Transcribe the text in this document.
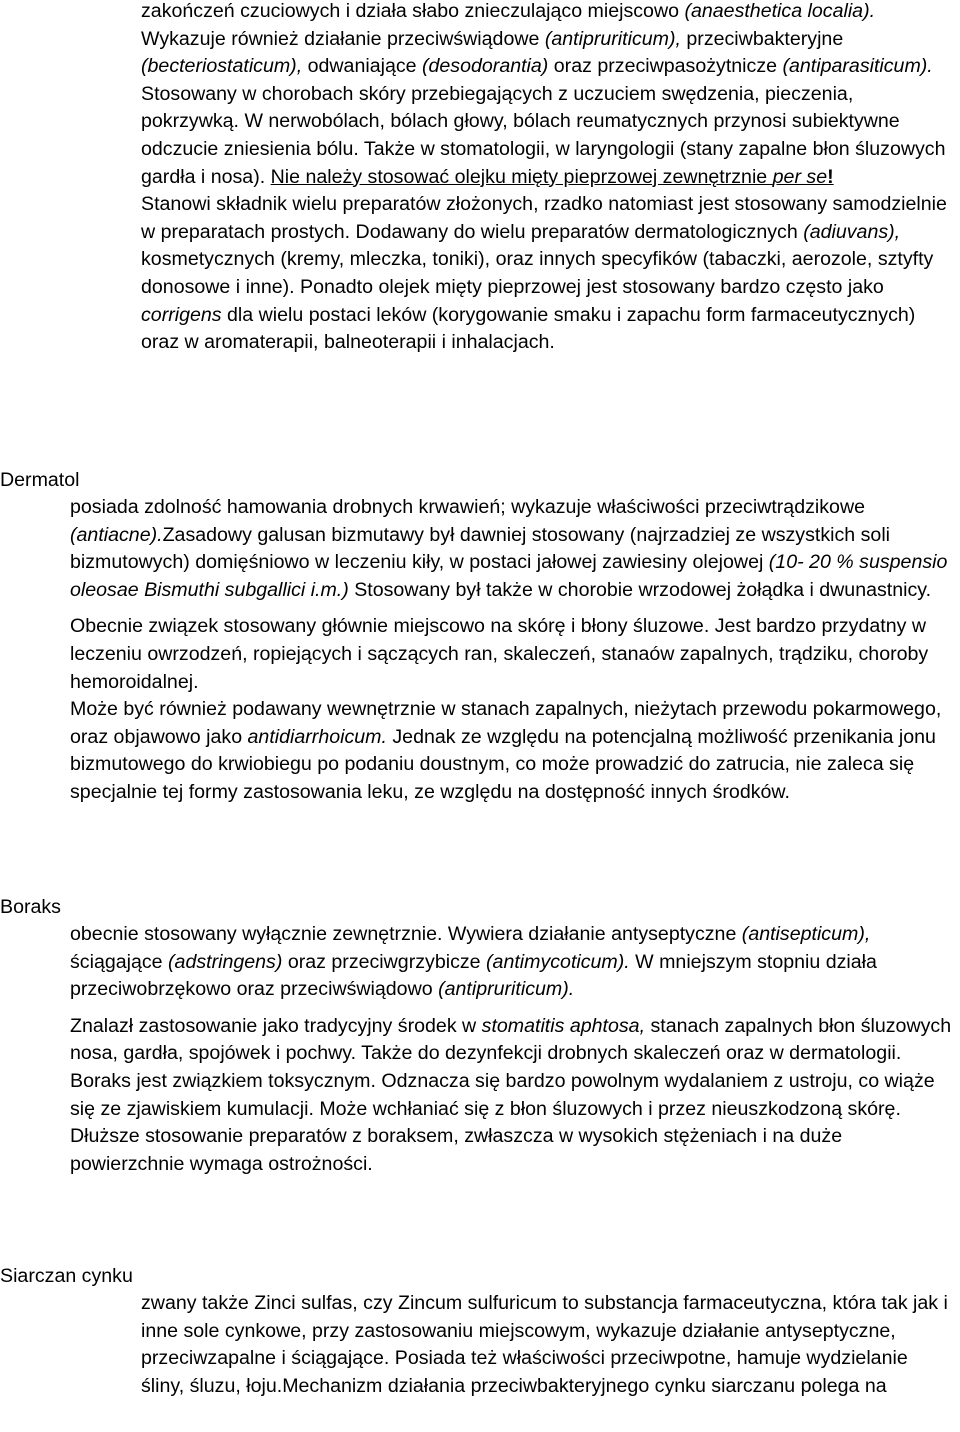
zakończeń czuciowych i działa słabo znieczulająco miejscowo (anaesthetica localia). Wykazuje również działanie przeciwświądowe (antipruriticum), przeciwbakteryjne (becteriostaticum), odwaniające (desodorantia) oraz przeciwpasożytnicze (antiparasiticum).

Stosowany w chorobach skóry przebiegających z uczuciem swędzenia, pieczenia, pokrzywką. W nerwobólach, bólach głowy, bólach reumatycznych przynosi subiektywne odczucie zniesienia bólu. Także w stomatologii, w laryngologii (stany zapalne błon śluzowych gardła i nosa). Nie należy stosować olejku mięty pieprzowej zewnętrznie per se!

Stanowi składnik wielu preparatów złożonych, rzadko natomiast jest stosowany samodzielnie w preparatach prostych. Dodawany do wielu preparatów dermatologicznych (adiuvans), kosmetycznych (kremy, mleczka, toniki), oraz innych specyfików (tabaczki, aerozole, sztyfty donosowe i inne). Ponadto olejek mięty pieprzowej jest stosowany bardzo często jako corrigens dla wielu postaci leków (korygowanie smaku i zapachu form farmaceutycznych) oraz w aromaterapii, balneoterapii i inhalacjach.

Dermatol

posiada zdolność hamowania drobnych krwawień; wykazuje właściwości przeciwtrądzikowe (antiacne).Zasadowy galusan bizmutawy był dawniej stosowany (najrzadziej ze wszystkich soli bizmutowych) domięśniowo w leczeniu kiły, w postaci jałowej zawiesiny olejowej (10- 20 % suspensio oleosae Bismuthi subgallici i.m.) Stosowany był także w chorobie wrzodowej żołądka i dwunastnicy.

Obecnie związek stosowany głównie miejscowo na skórę i błony śluzowe. Jest bardzo przydatny w leczeniu owrzodzeń, ropiejących i sączących ran, skaleczeń, stanaów zapalnych, trądziku, choroby hemoroidalnej.

Może być również podawany wewnętrznie w stanach zapalnych, nieżytach przewodu pokarmowego, oraz objawowo jako antidiarrhoicum. Jednak ze względu na potencjalną możliwość przenikania jonu bizmutowego do krwiobiegu po podaniu doustnym, co może prowadzić do zatrucia, nie zaleca się specjalnie tej formy zastosowania leku, ze względu na dostępność innych środków.

Boraks

obecnie stosowany wyłącznie zewnętrznie. Wywiera działanie antyseptyczne (antisepticum), ściągające (adstringens) oraz przeciwgrzybicze (antimycoticum). W mniejszym stopniu działa przeciwobrzękowo oraz przeciwświądowo (antipruriticum).

Znalazł zastosowanie jako tradycyjny środek w stomatitis aphtosa, stanach zapalnych błon śluzowych nosa, gardła, spojówek i pochwy. Także do dezynfekcji drobnych skaleczeń oraz w dermatologii.

Boraks jest związkiem toksycznym. Odznacza się bardzo powolnym wydalaniem z ustroju, co wiąże się ze zjawiskiem kumulacji. Może wchłaniać się z błon śluzowych i przez nieuszkodzoną skórę. Dłuższe stosowanie preparatów z boraksem, zwłaszcza w wysokich stężeniach i na duże powierzchnie wymaga ostrożności.

Siarczan cynku

zwany także Zinci sulfas, czy Zincum sulfuricum to substancja farmaceutyczna, która tak jak i inne sole cynkowe, przy zastosowaniu miejscowym, wykazuje działanie antyseptyczne, przeciwzapalne i ściągające. Posiada też właściwości przeciwpotne, hamuje wydzielanie śliny, śluzu, łoju.Mechanizm działania przeciwbakteryjnego cynku siarczanu polega na
